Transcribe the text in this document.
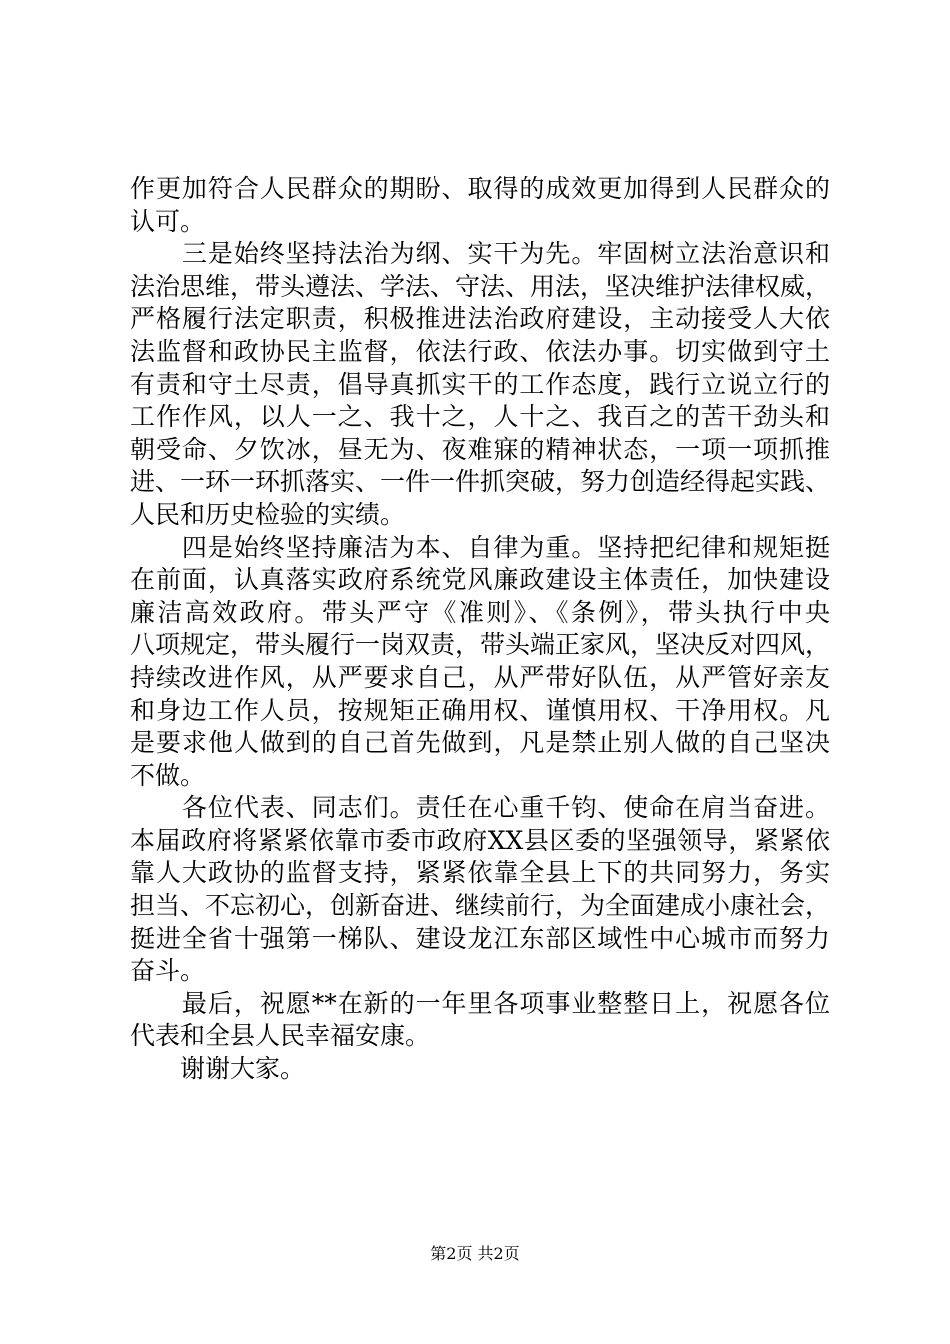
作更加符合人民群众的期盼、取得的成效更加得到人民群众的
认可。
　　三是始终坚持法治为纲、实干为先。牢固树立法治意识和
法治思维，带头遵法、学法、守法、用法，坚决维护法律权威，
严格履行法定职责，积极推进法治政府建设，主动接受人大依
法监督和政协民主监督，依法行政、依法办事。切实做到守土
有责和守土尽责，倡导真抓实干的工作态度，践行立说立行的
工作作风，以人一之、我十之，人十之、我百之的苦干劲头和
朝受命、夕饮冰，昼无为、夜难寐的精神状态，一项一项抓推
进、一环一环抓落实、一件一件抓突破，努力创造经得起实践、
人民和历史检验的实绩。
　　四是始终坚持廉洁为本、自律为重。坚持把纪律和规矩挺
在前面，认真落实政府系统党风廉政建设主体责任，加快建设
廉洁高效政府。带头严守《准则》、《条例》，带头执行中央
八项规定，带头履行一岗双责，带头端正家风，坚决反对四风，
持续改进作风，从严要求自己，从严带好队伍，从严管好亲友
和身边工作人员，按规矩正确用权、谨慎用权、干净用权。凡
是要求他人做到的自己首先做到，凡是禁止别人做的自己坚决
不做。
　　各位代表、同志们。责任在心重千钧、使命在肩当奋进。
本届政府将紧紧依靠市委市政府XX县区委的坚强领导，紧紧依
靠人大政协的监督支持，紧紧依靠全县上下的共同努力，务实
担当、不忘初心，创新奋进、继续前行，为全面建成小康社会，
挺进全省十强第一梯队、建设龙江东部区域性中心城市而努力
奋斗。
　　最后，祝愿**在新的一年里各项事业整整日上，祝愿各位
代表和全县人民幸福安康。
　　谢谢大家。
第2页 共2页
